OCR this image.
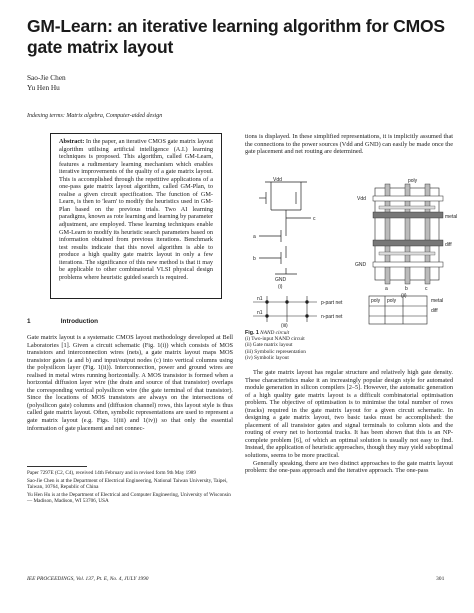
GM-Learn: an iterative learning algorithm for CMOS gate matrix layout
Sao-Jie Chen
Yu Hen Hu
Indexing terms: Matrix algebra, Computer-aided design
Abstract: In the paper, an iterative CMOS gate matrix layout algorithm utilising artificial intelligence (A.I.) learning techniques is proposed. This algorithm, called GM-Learn, features a rudimentary learning mechanism which enables iterative improvements of the quality of a gate matrix layout. This is accomplished through the repetitive applications of a one-pass gate matrix layout algorithm, called GM-Plan, to realise a given circuit specification. The function of GM-Learn, is then to 'learn' to modify the heuristics used in GM-Plan based on the previous trials. Two AI learning paradigms, known as rote learning and learning by parameter adjustment, are employed. These learning techniques enable GM-Learn to modify its heuristic search parameters based on information obtained from previous iterations. Benchmark test results indicate that this novel algorithm is able to produce a high quality gate matrix layout in only a few iterations. The significance of this new method is that it may be applicable to other combinatorial VLSI physical design problems where heuristic guided search is required.
1	Introduction
Gate matrix layout is a systematic CMOS layout methodology developed at Bell Laboratories [1]. Given a circuit schematic (Fig. 1(i)) which consists of MOS transistors and interconnection wires (nets), a gate matrix layout maps MOS transistor gates (a and b) and input/output nodes (c) into vertical columns using the polysilicon layer (Fig. 1(ii)). Interconnection, power and ground wires are realised in metal wires running horizontally. A MOS transistor is formed when a horizontal diffusion layer wire (the drain and source of that transistor) overlaps the corresponding vertical polysilicon wire (the gate terminal of that transistor). Since the locations of MOS transistors are always on the intersections of (polysilicon gate) columns and (diffusion channel) rows, this layout style is thus called gate matrix layout. Often, symbolic representations are used to represent a gate matrix layout (e.g. Figs. 1(iii) and 1(iv)) so that only the essential information of gate placement and net connec-

Paper 7297E (C2, C4), received 14th February and in revised form 9th May 1989

Sao-Jie Chen is at the Department of Electrical Engineering, National Taiwan University, Taipei, Taiwan, 10764, Republic of China

Yu Hen Hu is at the Department of Electrical and Computer Engineering, University of Wisconsin — Madison, Madison, WI 53706, USA

IEE PROCEEDINGS, Vol. 137, Pt. E, No. 4, JULY 1990	301
tions is displayed. In these simplified representations, it is implicitly assumed that the connections to the power sources (Vdd and GND) can easily be made once the gate placement and net routing are determined.
Vdd
GND
a
b
c
(i)
poly
Vdd
GND
metal
diff
a	b	c
(ii)
n1
n1
p-part net
n-part net
(iii)
poly poly	metal
diff
Fig. 1 NAND circuit
(i) Two-input NAND circuit
(ii) Gate matrix layout
(iii) Symbolic representation
(iv) Symbolic layout

The gate matrix layout has regular structure and relatively high gate density. These characteristics make it an increasingly popular design style for automated module generation in silicon compilers [2–5]. However, the automatic generation of a high quality gate matrix layout is a difficult combinatorial optimisation problem. The objective of optimisation is to minimise the total number of rows (tracks) required in the gate matrix layout for a given circuit schematic. In designing a gate matrix layout, two basic tasks must be accomplished: the placement of all transistor gates and signal terminals to column slots and the routing of every net to horizontal tracks. It has been shown that this is an NP-complete problem [6], of which an optimal solution is usually not easy to find. Instead, the application of heuristic approaches, though they may yield suboptimal solutions, seems to be more practical.

Generally speaking, there are two distinct approaches to the gate matrix layout problem: the one-pass approach and the iterative approach. The one-pass
